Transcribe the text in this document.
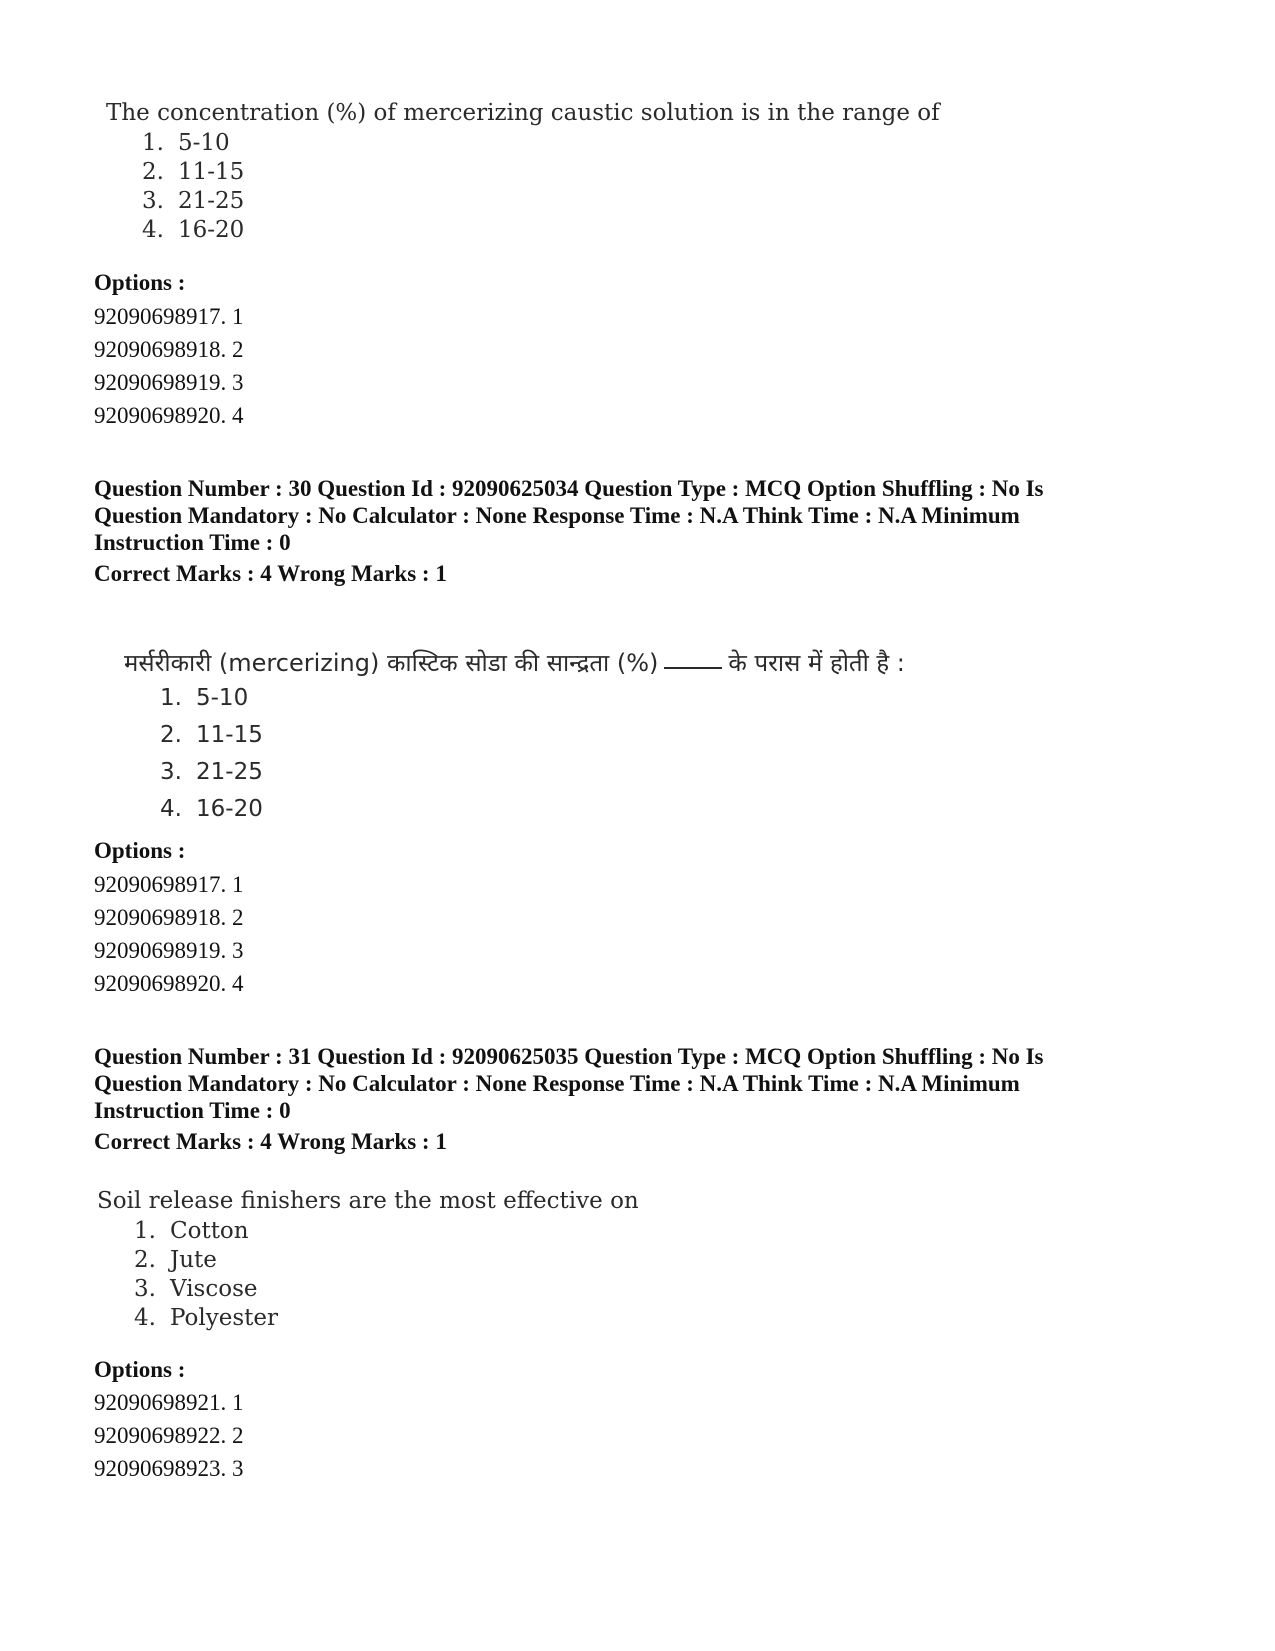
The concentration (%) of mercerizing caustic solution is in the range of
1. 5-10
2. 11-15
3. 21-25
4. 16-20
Options :
92090698917. 1
92090698918. 2
92090698919. 3
92090698920. 4
Question Number : 30 Question Id : 92090625034 Question Type : MCQ Option Shuffling : No Is
Question Mandatory : No Calculator : None Response Time : N.A Think Time : N.A Minimum
Instruction Time : 0
Correct Marks : 4 Wrong Marks : 1
मर्सरीकारी (mercerizing) कास्टिक सोडा की सान्द्रता (%)	के परास में होती है :
1. 5-10
2. 11-15
3. 21-25
4. 16-20
Options :
92090698917. 1
92090698918. 2
92090698919. 3
92090698920. 4
Question Number : 31 Question Id : 92090625035 Question Type : MCQ Option Shuffling : No Is
Question Mandatory : No Calculator : None Response Time : N.A Think Time : N.A Minimum
Instruction Time : 0
Correct Marks : 4 Wrong Marks : 1
Soil release finishers are the most effective on
1. Cotton
2. Jute
3. Viscose
4. Polyester
Options :
92090698921. 1
92090698922. 2
92090698923. 3
